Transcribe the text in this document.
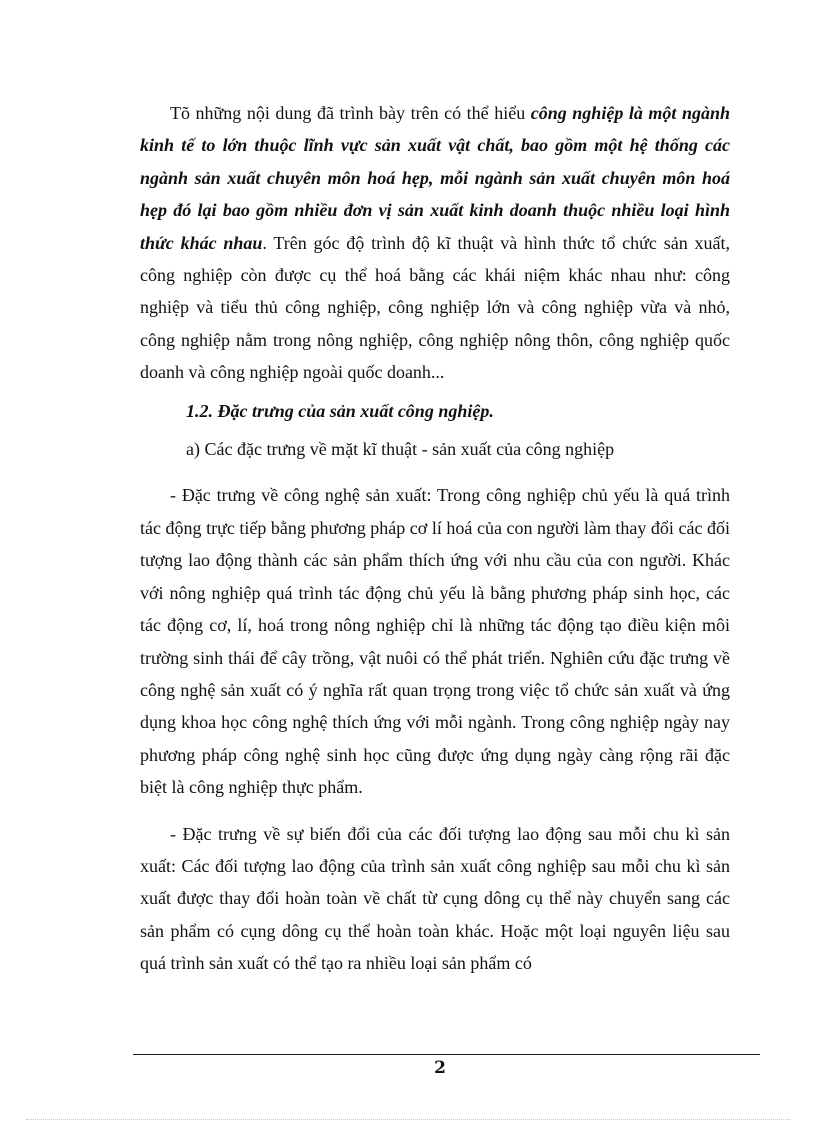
Tõ những nội dung đã trình bày trên có thể hiểu công nghiệp là một ngành kinh tế to lớn thuộc lĩnh vực sản xuất vật chất, bao gồm một hệ thống các ngành sản xuất chuyên môn hoá hẹp, mỗi ngành sản xuất chuyên môn hoá hẹp đó lại bao gồm nhiều đơn vị sản xuất kinh doanh thuộc nhiều loại hình thức khác nhau. Trên góc độ trình độ kĩ thuật và hình thức tổ chức sản xuất, công nghiệp còn được cụ thể hoá bằng các khái niệm khác nhau như: công nghiệp và tiểu thủ công nghiệp, công nghiệp lớn và công nghiệp vừa và nhỏ, công nghiệp nằm trong nông nghiệp, công nghiệp nông thôn, công nghiệp quốc doanh và công nghiệp ngoài quốc doanh...

1.2. Đặc trưng của sản xuất công nghiệp.

a) Các đặc trưng về mặt kĩ thuật - sản xuất của công nghiệp

- Đặc trưng về công nghệ sản xuất: Trong công nghiệp chủ yếu là quá trình tác động trực tiếp bằng phương pháp cơ lí hoá của con người làm thay đổi các đối tượng lao động thành các sản phẩm thích ứng với nhu cầu của con người. Khác với nông nghiệp quá trình tác động chủ yếu là bằng phương pháp sinh học, các tác động cơ, lí, hoá trong nông nghiệp chỉ là những tác động tạo điều kiện môi trường sinh thái để cây trồng, vật nuôi có thể phát triển. Nghiên cứu đặc trưng về công nghệ sản xuất có ý nghĩa rất quan trọng trong việc tổ chức sản xuất và ứng dụng khoa học công nghệ thích ứng với mỗi ngành. Trong công nghiệp ngày nay phương pháp công nghệ sinh học cũng được ứng dụng ngày càng rộng rãi đặc biệt là công nghiệp thực phẩm.

- Đặc trưng về sự biến đổi của các đối tượng lao động sau mỗi chu kì sản xuất: Các đối tượng lao động của trình sản xuất công nghiệp sau mỗi chu kì sản xuất được thay đổi hoàn toàn về chất từ cụng dông cụ thể này chuyển sang các sản phẩm có cụng dông cụ thể hoàn toàn khác. Hoặc một loại nguyên liệu sau quá trình sản xuất có thể tạo ra nhiều loại sản phẩm có

2
